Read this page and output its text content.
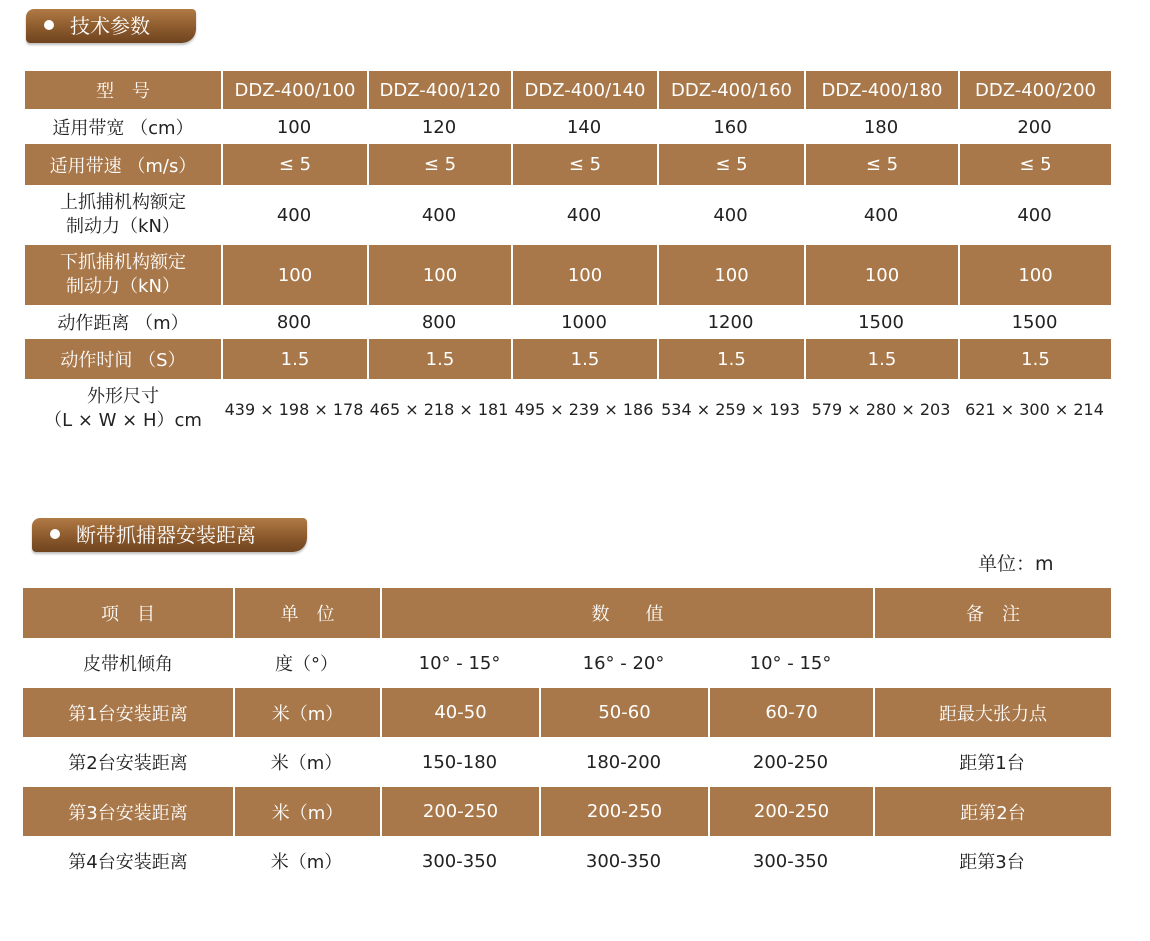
技术参数
型　号	DDZ-400/100	DDZ-400/120	DDZ-400/140	DDZ-400/160	DDZ-400/180	DDZ-400/200
适用带宽 （cm）	100	120	140	160	180	200
适用带速 （m/s）	≤ 5	≤ 5	≤ 5	≤ 5	≤ 5	≤ 5

上抓捕机构额定
制动力（kN）	400	400	400	400	400	400

下抓捕机构额定
制动力（kN）	100	100	100	100	100	100
动作距离 （m）	800	800	1000	1200	1500	1500
动作时间 （S）	1.5	1.5	1.5	1.5	1.5	1.5

外形尺寸
（L × W × H）cm	439 × 198 × 178	465 × 218 × 181	495 × 239 × 186	534 × 259 × 193	579 × 280 × 203	621 × 300 × 214
断带抓捕器安装距离
单位：m
项　目	单　位	数　　值			备　注
皮带机倾角	度（°）	10° - 15°	16° - 20°	10° - 15°	
第1台安装距离	米（m）	40-50	50-60	60-70	距最大张力点
第2台安装距离	米（m）	150-180	180-200	200-250	距第1台
第3台安装距离	米（m）	200-250	200-250	200-250	距第2台
第4台安装距离	米（m）	300-350	300-350	300-350	距第3台
